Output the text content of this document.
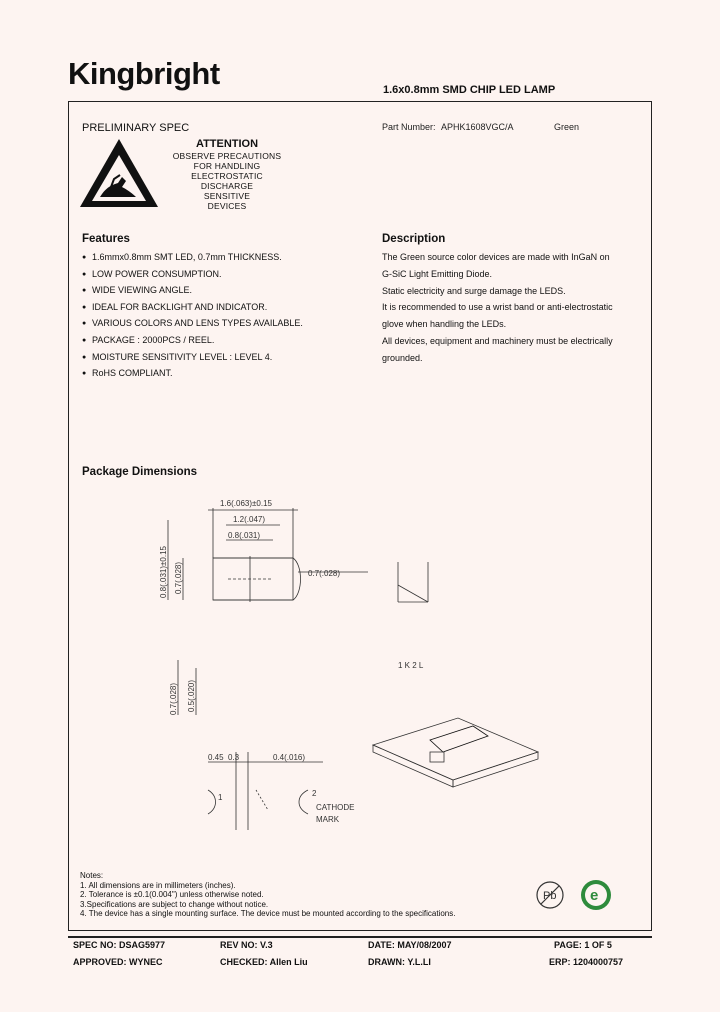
Kingbright	1.6x0.8mm SMD CHIP LED LAMP
PRELIMINARY SPEC
ATTENTION
OBSERVE PRECAUTIONS
FOR HANDLING
ELECTROSTATIC
DISCHARGE
SENSITIVE
DEVICES
Part Number: APHK1608VGC/A	Green
Features
● 1.6mmx0.8mm SMT LED, 0.7mm THICKNESS.
● LOW POWER CONSUMPTION.
● WIDE VIEWING ANGLE.
● IDEAL FOR BACKLIGHT AND INDICATOR.
● VARIOUS COLORS AND LENS TYPES AVAILABLE.
● PACKAGE : 2000PCS / REEL.
● MOISTURE SENSITIVITY LEVEL : LEVEL 4.
● RoHS COMPLIANT.
Description
The Green source color devices are made with InGaN on
G-SiC Light Emitting Diode.
Static electricity and surge damage the LEDS.
It is recommended to use a wrist band or anti-electrostatic
glove when handling the LEDs.
All devices, equipment and machinery must be electrically
grounded.
Package Dimensions
1.6(.063)±0.15
1.2(.047)
0.8(.031)
0.7(.028)
0.8(.031)±0.15 0.7(.028)
0.7(.028) 0.5(.020)
1 K 2 L
0.45 0.3	0.4(.016)
2
CATHODE
MARK
1
Notes:
1. All dimensions are in millimeters (inches).
2. Tolerance is ±0.1(0.004") unless otherwise noted.
3.Specifications are subject to change without notice.
4. The device has a single mounting surface. The device must be mounted according to the specifications.
Pb e
SPEC NO: DSAG5977	REV NO: V.3	DATE: MAY/08/2007	PAGE: 1 OF 5
APPROVED: WYNEC	CHECKED: Allen Liu	DRAWN: Y.L.LI	ERP: 1204000757
